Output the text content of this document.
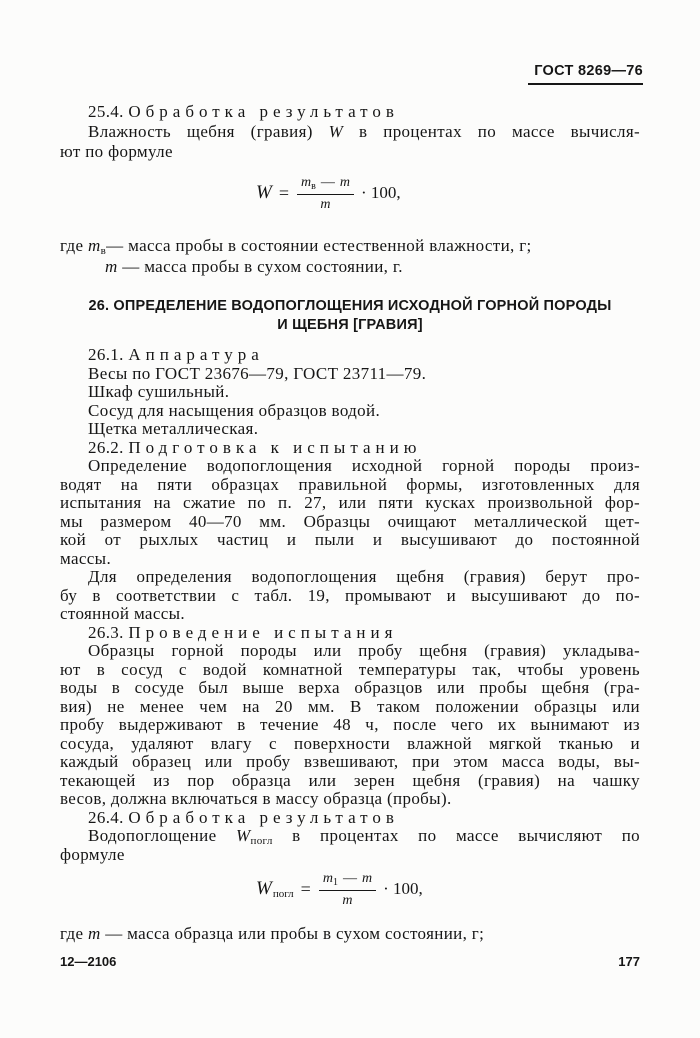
ГОСТ 8269—76
25.4. Обработка результатов
Влажность щебня (гравия) W в процентах по массе вычисля-
ют по формуле
$W = \frac{m_в — m}{m} \cdot 100$,
где mв— масса пробы в состоянии естественной влажности, г;
m — масса пробы в сухом состоянии, г.
26. ОПРЕДЕЛЕНИЕ ВОДОПОГЛОЩЕНИЯ ИСХОДНОЙ ГОРНОЙ ПОРОДЫ
И ЩЕБНЯ [ГРАВИЯ]
26.1. Аппаратура
Весы по ГОСТ 23676—79, ГОСТ 23711—79.
Шкаф сушильный.
Сосуд для насыщения образцов водой.
Щетка металлическая.
26.2. Подготовка к испытанию
Определение водопоглощения исходной горной породы произ-
водят на пяти образцах правильной формы, изготовленных для
испытания на сжатие по п. 27, или пяти кусках произвольной фор-
мы размером 40—70 мм. Образцы очищают металлической щет-
кой от рыхлых частиц и пыли и высушивают до постоянной
массы.
Для определения водопоглощения щебня (гравия) берут про-
бу в соответствии с табл. 19, промывают и высушивают до по-
стоянной массы.
26.3. Проведение испытания
Образцы горной породы или пробу щебня (гравия) укладыва-
ют в сосуд с водой комнатной температуры так, чтобы уровень
воды в сосуде был выше верха образцов или пробы щебня (гра-
вия) не менее чем на 20 мм. В таком положении образцы или
пробу выдерживают в течение 48 ч, после чего их вынимают из
сосуда, удаляют влагу с поверхности влажной мягкой тканью и
каждый образец или пробу взвешивают, при этом масса воды, вы-
текающей из пор образца или зерен щебня (гравия) на чашку
весов, должна включаться в массу образца (пробы).
26.4. Обработка результатов
Водопоглощение Wпогл в процентах по массе вычисляют по
формуле
W погл = $\frac{m_1 — m}{m} \cdot 100$,
где m — масса образца или пробы в сухом состоянии, г;
12—2106	177
